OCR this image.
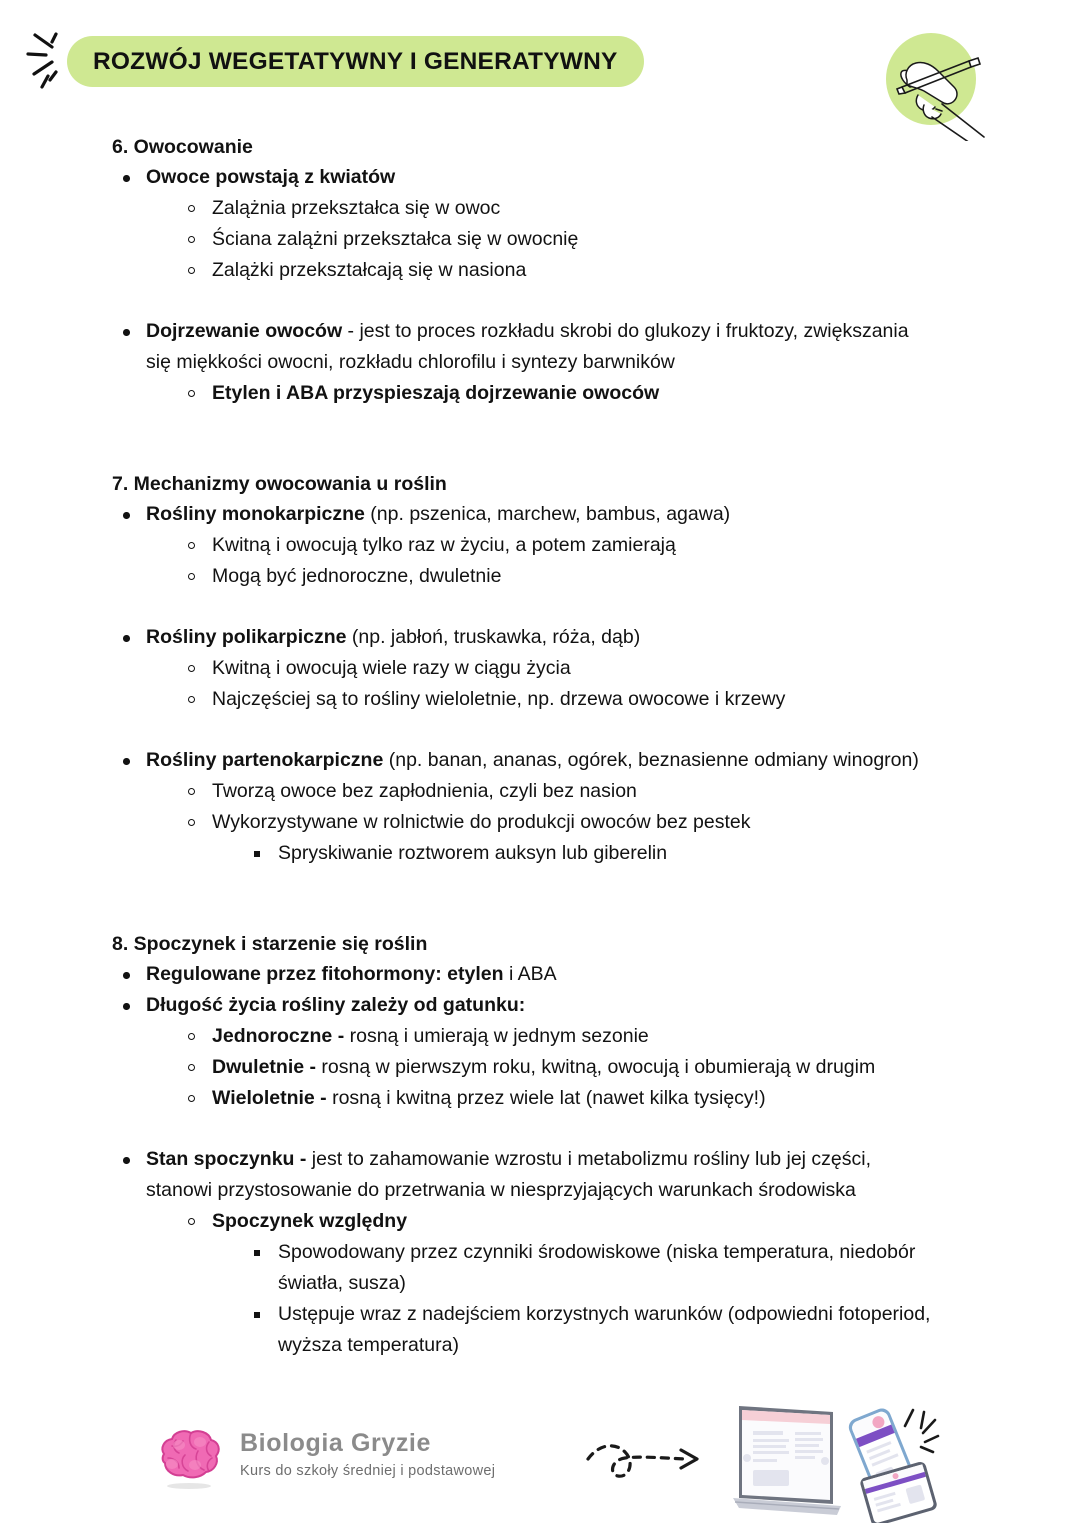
ROZWÓJ WEGETATYWNY I GENERATYWNY
6. Owocowanie
Owoce powstają z kwiatów
Zalążnia przekształca się w owoc
Ściana zalążni przekształca się w owocnię
Zalążki przekształcają się w nasiona
Dojrzewanie owoców - jest to proces rozkładu skrobi do glukozy i fruktozy, zwiększania się miękkości owocni, rozkładu chlorofilu i syntezy barwników
Etylen i ABA przyspieszają dojrzewanie owoców
7. Mechanizmy owocowania u roślin
Rośliny monokarpiczne (np. pszenica, marchew, bambus, agawa)
Kwitną i owocują tylko raz w życiu, a potem zamierają
Mogą być jednoroczne, dwuletnie
Rośliny polikarpiczne (np. jabłoń, truskawka, róża, dąb)
Kwitną i owocują wiele razy w ciągu życia
Najczęściej są to rośliny wieloletnie, np. drzewa owocowe i krzewy
Rośliny partenokarpiczne (np. banan, ananas, ogórek, beznasienne odmiany winogron)
Tworzą owoce bez zapłodnienia, czyli bez nasion
Wykorzystywane w rolnictwie do produkcji owoców bez pestek
Spryskiwanie roztworem auksyn lub giberelin
8. Spoczynek i starzenie się roślin
Regulowane przez fitohormony: etylen i ABA
Długość życia rośliny zależy od gatunku:
Jednoroczne - rosną i umierają w jednym sezonie
Dwuletnie - rosną w pierwszym roku, kwitną, owocują i obumierają w drugim
Wieloletnie - rosną i kwitną przez wiele lat (nawet kilka tysięcy!)
Stan spoczynku - jest to zahamowanie wzrostu i metabolizmu rośliny lub jej części, stanowi przystosowanie do przetrwania w niesprzyjających warunkach środowiska
Spoczynek względny
Spowodowany przez czynniki środowiskowe (niska temperatura, niedobór światła, susza)
Ustępuje wraz z nadejściem korzystnych warunków (odpowiedni fotoperiod, wyższa temperatura)
Biologia Gryzie
Kurs do szkoły średniej i podstawowej
